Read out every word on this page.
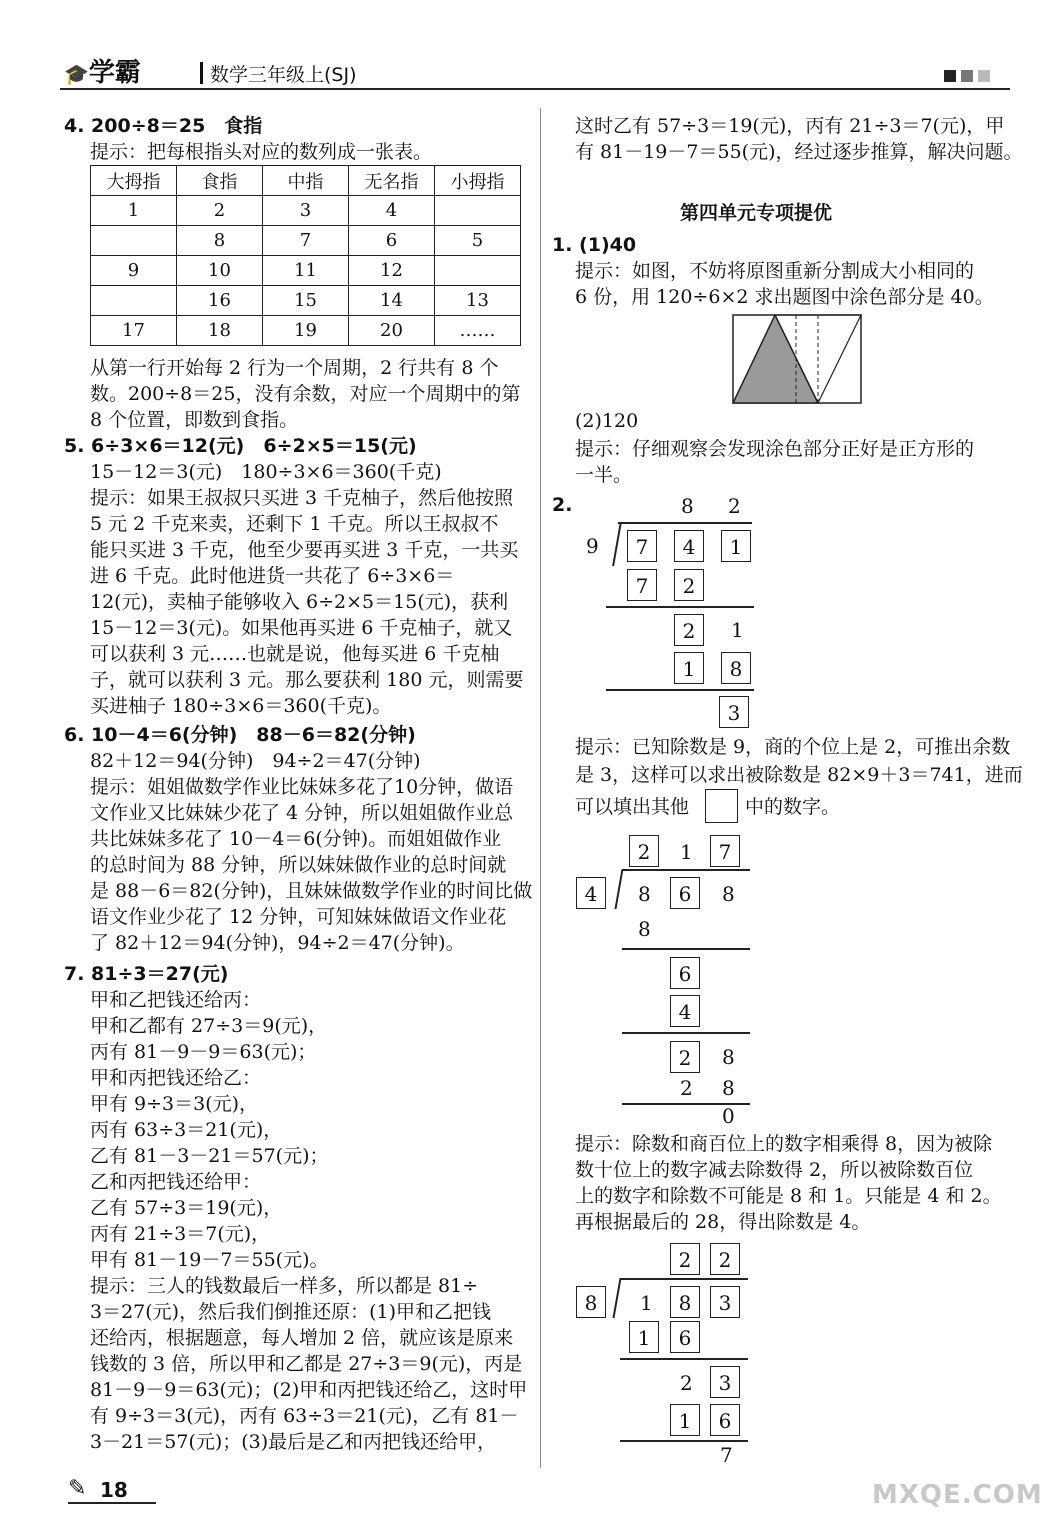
🎓学霸	数学三年级上(SJ)
4. 200÷8＝25　食指
提示：把每根指头对应的数列成一张表。
大拇指	食指	中指	无名指	小拇指
1	2	3	4	
	8	7	6	5
9	10	11	12	
	16	15	14	13
17	18	19	20	……
从第一行开始每 2 行为一个周期，2 行共有 8 个
数。200÷8＝25，没有余数，对应一个周期中的第
8 个位置，即数到食指。
5. 6÷3×6＝12(元)　6÷2×5＝15(元)
15－12＝3(元)　180÷3×6＝360(千克)
提示：如果王叔叔只买进 3 千克柚子，然后他按照
5 元 2 千克来卖，还剩下 1 千克。所以王叔叔不
能只买进 3 千克，他至少要再买进 3 千克，一共买
进 6 千克。此时他进货一共花了 6÷3×6＝
12(元)，卖柚子能够收入 6÷2×5＝15(元)，获利
15－12＝3(元)。如果他再买进 6 千克柚子，就又
可以获利 3 元……也就是说，他每买进 6 千克柚
子，就可以获利 3 元。那么要获利 180 元，则需要
买进柚子 180÷3×6＝360(千克)。
6. 10－4＝6(分钟)　88－6＝82(分钟)
82＋12＝94(分钟)　94÷2＝47(分钟)
提示：姐姐做数学作业比妹妹多花了10分钟，做语
文作业又比妹妹少花了 4 分钟，所以姐姐做作业总
共比妹妹多花了 10－4＝6(分钟)。而姐姐做作业
的总时间为 88 分钟，所以妹妹做作业的总时间就
是 88－6＝82(分钟)，且妹妹做数学作业的时间比做
语文作业少花了 12 分钟，可知妹妹做语文作业花
了 82＋12＝94(分钟)，94÷2＝47(分钟)。
7. 81÷3＝27(元)
甲和乙把钱还给丙：
甲和乙都有 27÷3＝9(元)，
丙有 81－9－9＝63(元)；
甲和丙把钱还给乙：
甲有 9÷3＝3(元)，
丙有 63÷3＝21(元)，
乙有 81－3－21＝57(元)；
乙和丙把钱还给甲：
乙有 57÷3＝19(元)，
丙有 21÷3＝7(元)，
甲有 81－19－7＝55(元)。
提示：三人的钱数最后一样多，所以都是 81÷
3＝27(元)，然后我们倒推还原：(1)甲和乙把钱
还给丙，根据题意，每人增加 2 倍，就应该是原来
钱数的 3 倍，所以甲和乙都是 27÷3＝9(元)，丙是
81－9－9＝63(元)；(2)甲和丙把钱还给乙，这时甲
有 9÷3＝3(元)，丙有 63÷3＝21(元)，乙有 81－
3－21＝57(元)；(3)最后是乙和丙把钱还给甲，
这时乙有 57÷3＝19(元)，丙有 21÷3＝7(元)，甲
有 81－19－7＝55(元)，经过逐步推算，解决问题。
第四单元专项提优
1. (1)40
提示：如图，不妨将原图重新分割成大小相同的
6 份，用 120÷6×2 求出题图中涂色部分是 40。
(2)120
提示：仔细观察会发现涂色部分正好是正方形的
一半。
2.	8 2
9	7	4	1
7	2
2	1
1	8
3
提示：已知除数是 9，商的个位上是 2，可推出余数
是 3，这样可以求出被除数是 82×9＋3＝741，进而
可以填出其他	中的数字。
2	1	7
4	8	6	8
8
6
4
2	8
2 8
0
提示：除数和商百位上的数字相乘得 8，因为被除
数十位上的数字减去除数得 2，所以被除数百位
上的数字和除数不可能是 8 和 1。只能是 4 和 2。
再根据最后的 28，得出除数是 4。
2	2
8	1	8	3
1	6
2	3
1	6
7
✎ 18	MXQE.COM
